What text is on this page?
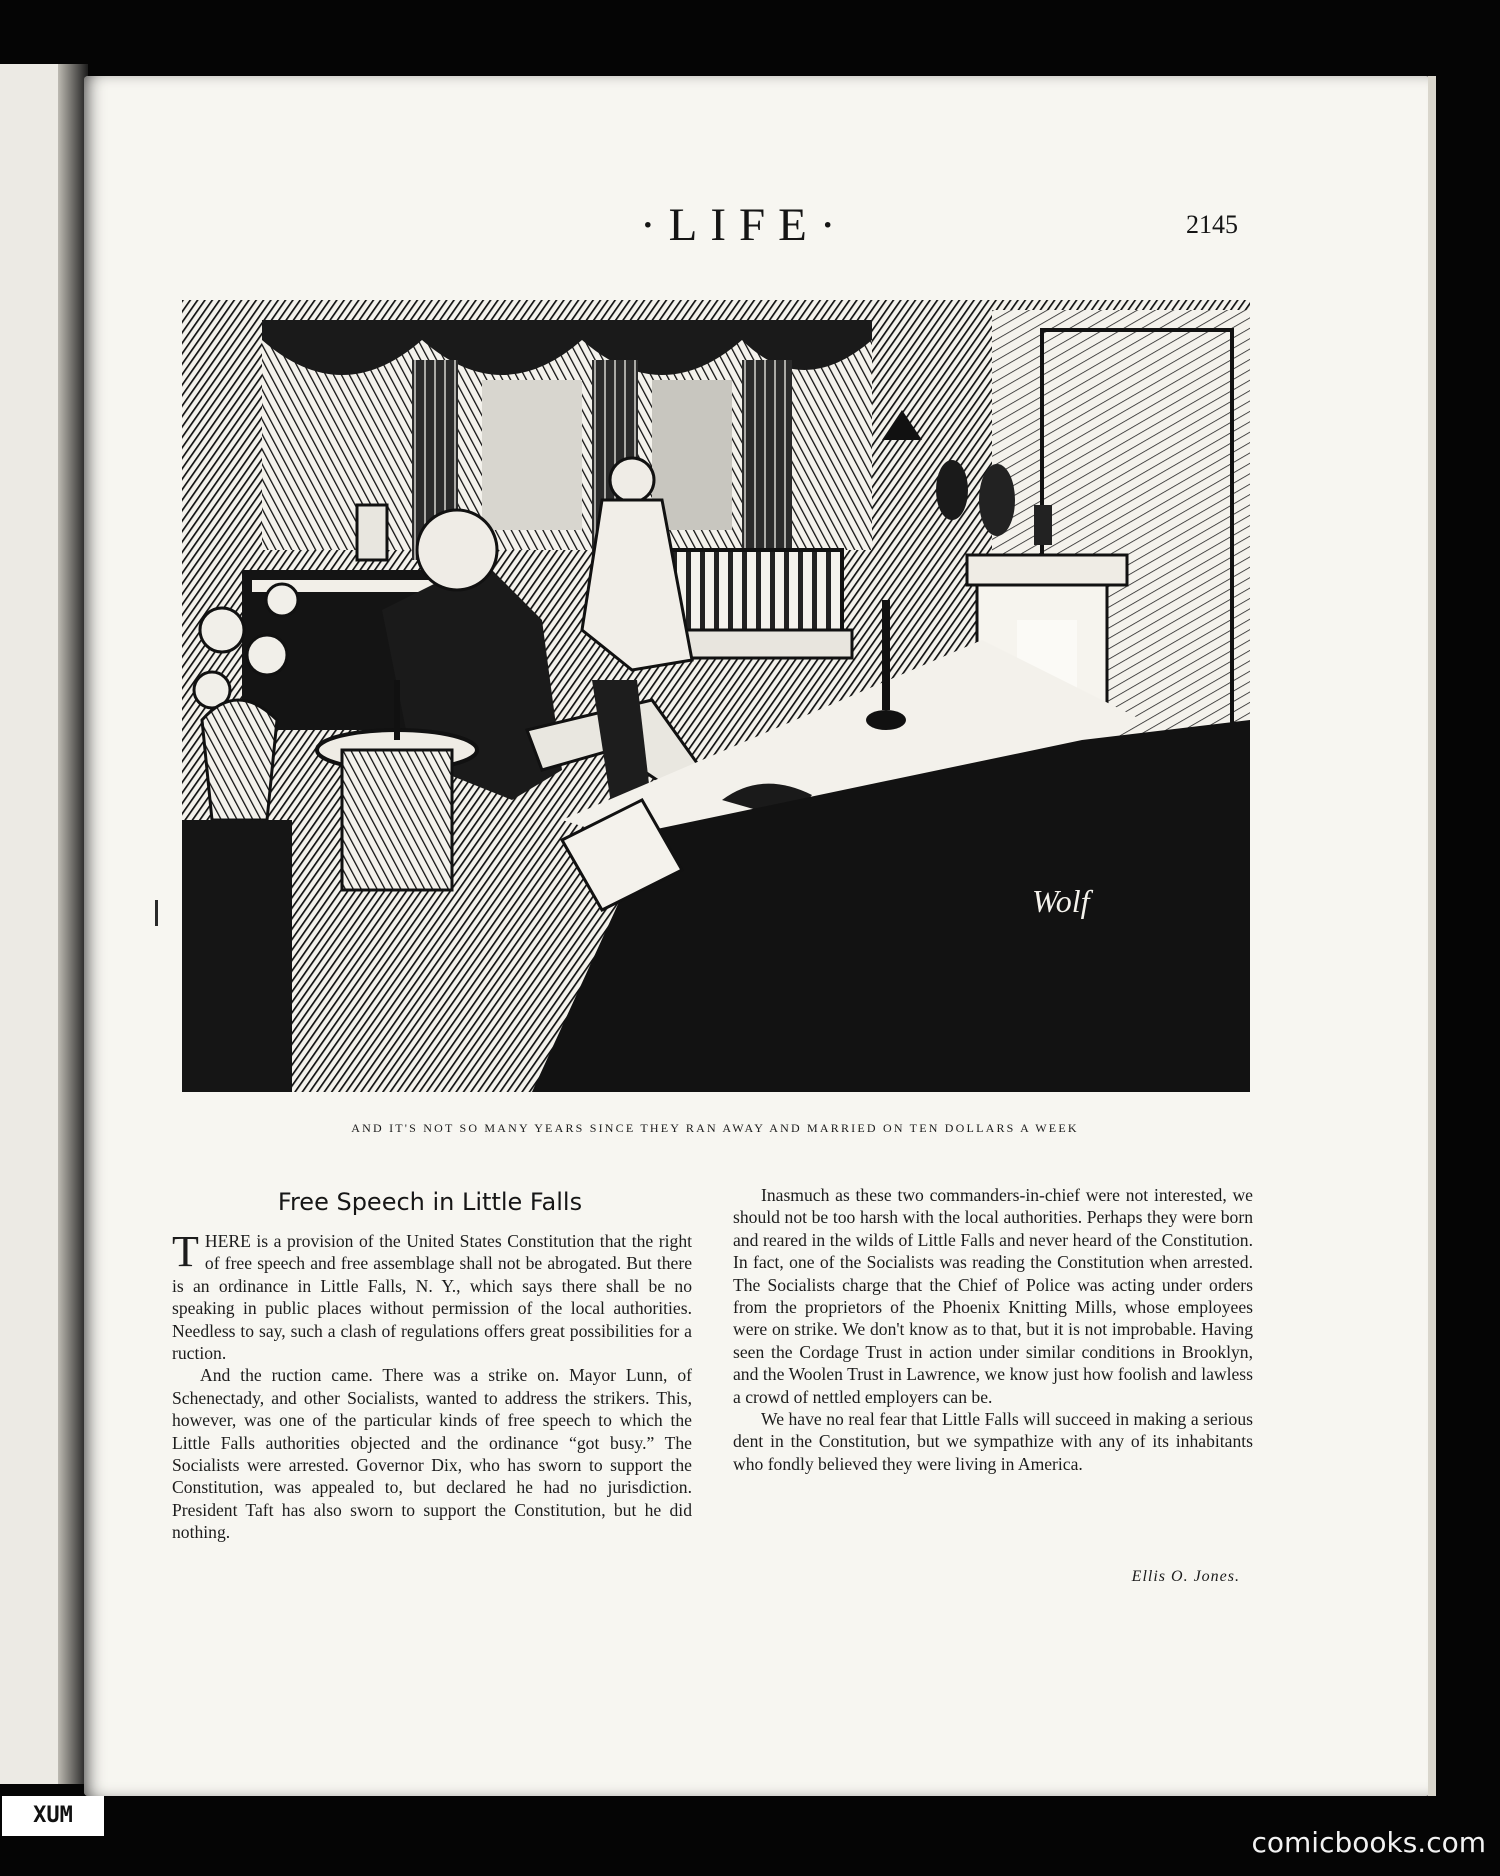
·LIFE·	2145
Wolf
AND IT'S NOT SO MANY YEARS SINCE THEY RAN AWAY AND MARRIED ON TEN DOLLARS A WEEK
Free Speech in Little Falls

THERE is a provision of the United States Constitution that the right of free speech and free assemblage shall not be abrogated. But there is an ordinance in Little Falls, N. Y., which says there shall be no speaking in public places without permission of the local authorities. Needless to say, such a clash of regulations offers great possibilities for a ruction.

And the ruction came. There was a strike on. Mayor Lunn, of Schenectady, and other Socialists, wanted to address the strikers. This, however, was one of the particular kinds of free speech to which the Little Falls authorities objected and the ordinance “got busy.” The Socialists were arrested. Governor Dix, who has sworn to support the Constitution, was appealed to, but declared he had no jurisdiction. President Taft has also sworn to support the Constitution, but he did nothing.

Inasmuch as these two commanders-in-chief were not interested, we should not be too harsh with the local authorities. Perhaps they were born and reared in the wilds of Little Falls and never heard of the Constitution. In fact, one of the Socialists was reading the Constitution when arrested. The Socialists charge that the Chief of Police was acting under orders from the proprietors of the Phoenix Knitting Mills, whose employees were on strike. We don't know as to that, but it is not improbable. Having seen the Cordage Trust in action under similar conditions in Brooklyn, and the Woolen Trust in Lawrence, we know just how foolish and lawless a crowd of nettled employers can be.

We have no real fear that Little Falls will succeed in making a serious dent in the Constitution, but we sympathize with any of its inhabitants who fondly believed they were living in America.

Ellis O. Jones.
XUM
comicbooks.com
